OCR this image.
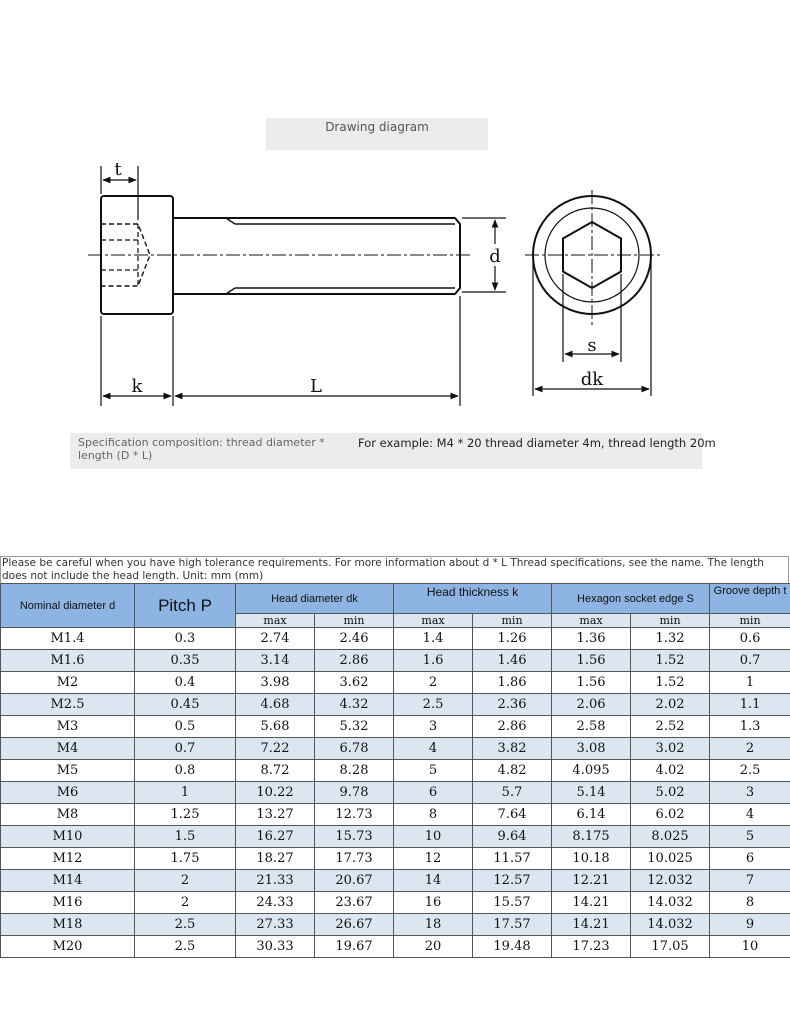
Drawing diagram
t
d
k	L
s
dk
Specification composition: thread diameter * length (D * L)
For example: M4 * 20 thread diameter 4m, thread length 20m
Please be careful when you have high tolerance requirements. For more information about d * L Thread specifications, see the name. The length does not include the head length. Unit: mm (mm)
Nominal diameter d	Pitch P	Head diameter dk		Head thickness k		Hexagon socket edge S		Groove depth t
		max	min	max	min	max	min	min
M1.4	0.3	2.74	2.46	1.4	1.26	1.36	1.32	0.6
M1.6	0.35	3.14	2.86	1.6	1.46	1.56	1.52	0.7
M2	0.4	3.98	3.62	2	1.86	1.56	1.52	1
M2.5	0.45	4.68	4.32	2.5	2.36	2.06	2.02	1.1
M3	0.5	5.68	5.32	3	2.86	2.58	2.52	1.3
M4	0.7	7.22	6.78	4	3.82	3.08	3.02	2
M5	0.8	8.72	8.28	5	4.82	4.095	4.02	2.5
M6	1	10.22	9.78	6	5.7	5.14	5.02	3
M8	1.25	13.27	12.73	8	7.64	6.14	6.02	4
M10	1.5	16.27	15.73	10	9.64	8.175	8.025	5
M12	1.75	18.27	17.73	12	11.57	10.18	10.025	6
M14	2	21.33	20.67	14	12.57	12.21	12.032	7
M16	2	24.33	23.67	16	15.57	14.21	14.032	8
M18	2.5	27.33	26.67	18	17.57	14.21	14.032	9
M20	2.5	30.33	19.67	20	19.48	17.23	17.05	10
